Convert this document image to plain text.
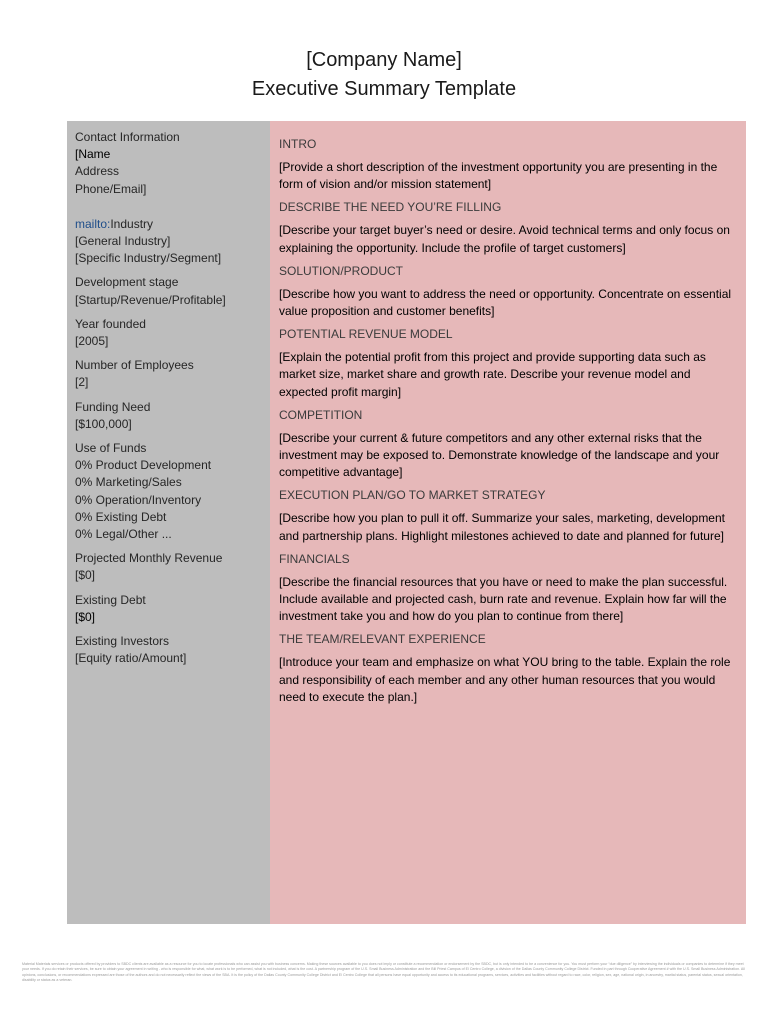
[Company Name]
Executive Summary Template
Contact Information
[Name
Address
Phone/Email]
mailto:Industry
[General Industry]
[Specific Industry/Segment]
Development stage
[Startup/Revenue/Profitable]
Year founded
[2005]
Number of Employees
[2]
Funding Need
[$100,000]
Use of Funds
0% Product Development
0% Marketing/Sales
0% Operation/Inventory
0% Existing Debt
0% Legal/Other ...
Projected Monthly Revenue
[$0]
Existing Debt
[$0]
Existing Investors
[Equity ratio/Amount]
INTRO
[Provide a short description of the investment opportunity you are presenting in the form of vision and/or mission statement]
DESCRIBE THE NEED YOU’RE FILLING
[Describe your target buyer’s need or desire. Avoid technical terms and only focus on explaining the opportunity. Include the profile of target customers]
SOLUTION/PRODUCT
[Describe how you want to address the need or opportunity. Concentrate on essential value proposition and customer benefits]
POTENTIAL REVENUE MODEL
[Explain the potential profit from this project and provide supporting data such as market size, market share and growth rate. Describe your revenue model and expected profit margin]
COMPETITION
[Describe your current & future competitors and any other external risks that the investment may be exposed to. Demonstrate knowledge of the landscape and your competitive advantage]
EXECUTION PLAN/GO TO MARKET STRATEGY
[Describe how you plan to pull it off. Summarize your sales, marketing, development and partnership plans. Highlight milestones achieved to date and planned for future]
FINANCIALS
[Describe the financial resources that you have or need to make the plan successful. Include available and projected cash, burn rate and revenue. Explain how far will the investment take you and how do you plan to continue from there]
THE TEAM/RELEVANT EXPERIENCE
[Introduce your team and emphasize on what YOU bring to the table. Explain the role and responsibility of each member and any other human resources that you would need to execute the plan.]
Material Materials services or products offered by providers to SBDC clients are available as a resource for you to locate professionals who can assist you with business concerns. Making these sources available to you does not imply or constitute a recommendation or endorsement by the SBDC, but is only intended to be a convenience for you. You must perform your “due diligence” by interviewing the individuals or companies to determine if they meet your needs. If you do retain their services, be sure to obtain your agreement in writing - who is responsible for what, what work is to be performed, what is not included, what is the cost. A partnership program of the U.S. Small Business Administration and the Bill Priest Campus of El Centro College, a division of the Dallas County Community College District. Funded in part through Cooperative Agreement # with the U.S. Small Business Administration. All opinions, conclusions, or recommendations expressed are those of the authors and do not necessarily reflect the views of the SBA. It is the policy of the Dallas County Community College District and El Centro College that all persons have equal opportunity and access to its educational programs, services, activities and facilities without regard to race, color, religion, sex, age, national origin, in ancestry, marital status, parental status, sexual orientation, disability or status as a veteran.
